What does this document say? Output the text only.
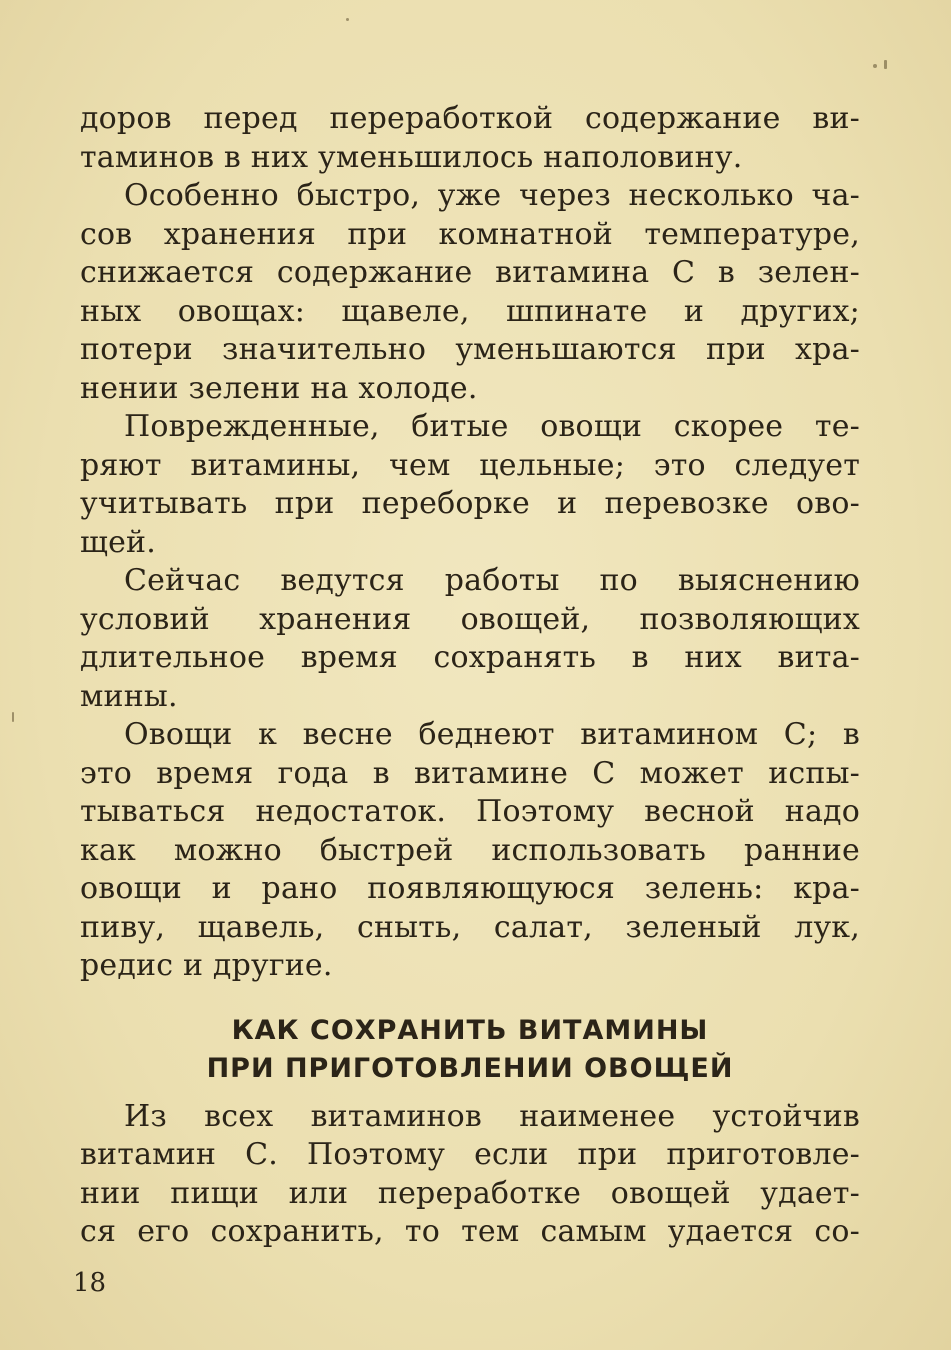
доров перед переработкой содержание ви-
таминов в них уменьшилось наполовину.
Особенно быстро, уже через несколько ча-
сов хранения при комнатной температуре,
снижается содержание витамина С в зелен-
ных овощах: щавеле, шпинате и других;
потери значительно уменьшаются при хра-
нении зелени на холоде.
Поврежденные, битые овощи скорее те-
ряют витамины, чем цельные; это следует
учитывать при переборке и перевозке ово-
щей.
Сейчас ведутся работы по выяснению
условий хранения овощей, позволяющих
длительное время сохранять в них вита-
мины.
Овощи к весне беднеют витамином С; в
это время года в витамине С может испы-
тываться недостаток. Поэтому весной надо
как можно быстрей использовать ранние
овощи и рано появляющуюся зелень: кра-
пиву, щавель, сныть, салат, зеленый лук,
редис и другие.
КАК СОХРАНИТЬ ВИТАМИНЫ
ПРИ ПРИГОТОВЛЕНИИ ОВОЩЕЙ
Из всех витаминов наименее устойчив
витамин С. Поэтому если при приготовле-
нии пищи или переработке овощей удает-
ся его сохранить, то тем самым удается со-
18
